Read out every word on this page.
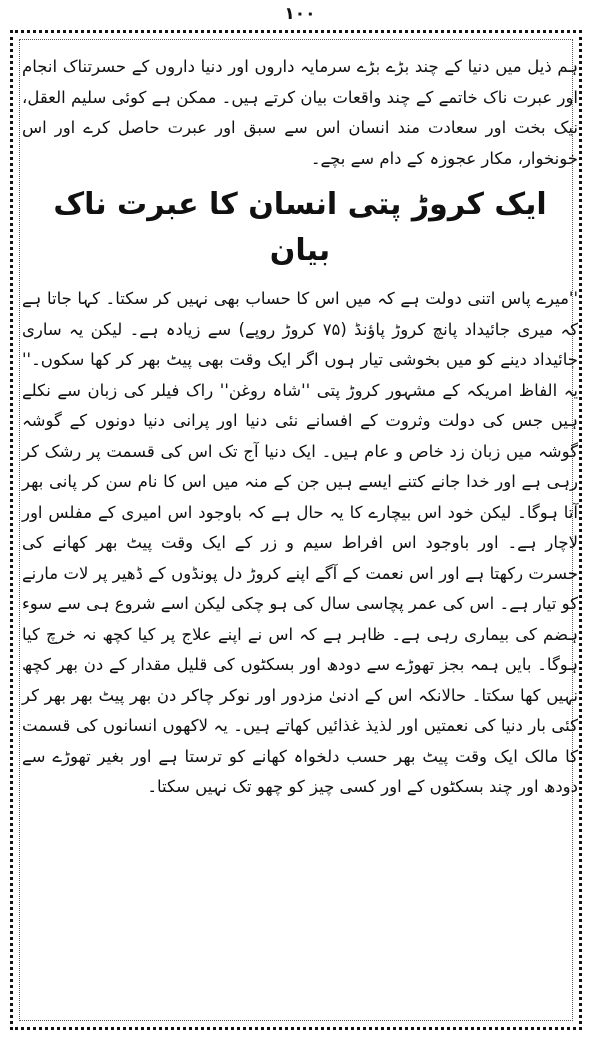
۱۰۰

ہم ذیل میں دنیا کے چند بڑے بڑے سرمایہ داروں اور دنیا داروں کے حسرتناک انجام اور عبرت ناک خاتمے کے چند واقعات بیان کرتے ہیں۔ ممکن ہے کوئی سلیم العقل، نیک بخت اور سعادت مند انسان اس سے سبق اور عبرت حاصل کرے اور اس خونخوار، مکار عجوزہ کے دام سے بچے۔

ایک کروڑ پتی انسان کا عبرت ناک بیان

''میرے پاس اتنی دولت ہے کہ میں اس کا حساب بھی نہیں کر سکتا۔ کہا جاتا ہے کہ میری جائیداد پانچ کروڑ پاؤنڈ (۷۵ کروڑ روپے) سے زیادہ ہے۔ لیکن یہ ساری جائیداد دینے کو میں بخوشی تیار ہوں اگر ایک وقت بھی پیٹ بھر کر کھا سکوں۔'' یہ الفاظ امریکہ کے مشہور کروڑ پتی ''شاہ روغن'' راک فیلر کی زبان سے نکلے ہیں جس کی دولت وثروت کے افسانے نئی دنیا اور پرانی دنیا دونوں کے گوشہ گوشہ میں زبان زد خاص و عام ہیں۔ ایک دنیا آج تک اس کی قسمت پر رشک کر رہی ہے اور خدا جانے کتنے ایسے ہیں جن کے منہ میں اس کا نام سن کر پانی بھر آتا ہوگا۔ لیکن خود اس بیچارے کا یہ حال ہے کہ باوجود اس امیری کے مفلس اور لاچار ہے۔ اور باوجود اس افراط سیم و زر کے ایک وقت پیٹ بھر کھانے کی حسرت رکھتا ہے اور اس نعمت کے آگے اپنے کروڑ دل پونڈوں کے ڈھیر پر لات مارنے کو تیار ہے۔ اس کی عمر پچاسی سال کی ہو چکی لیکن اسے شروع ہی سے سوء ہضم کی بیماری رہی ہے۔ ظاہر ہے کہ اس نے اپنے علاج پر کیا کچھ نہ خرچ کیا ہوگا۔ بایں ہمہ بجز تھوڑے سے دودھ اور بسکٹوں کی قلیل مقدار کے دن بھر کچھ نہیں کھا سکتا۔ حالانکہ اس کے ادنیٰ مزدور اور نوکر چاکر دن بھر پیٹ بھر بھر کر کئی بار دنیا کی نعمتیں اور لذیذ غذائیں کھاتے ہیں۔ یہ لاکھوں انسانوں کی قسمت کا مالک ایک وقت پیٹ بھر حسب دلخواہ کھانے کو ترستا ہے اور بغیر تھوڑے سے دودھ اور چند بسکٹوں کے اور کسی چیز کو چھو تک نہیں سکتا۔
